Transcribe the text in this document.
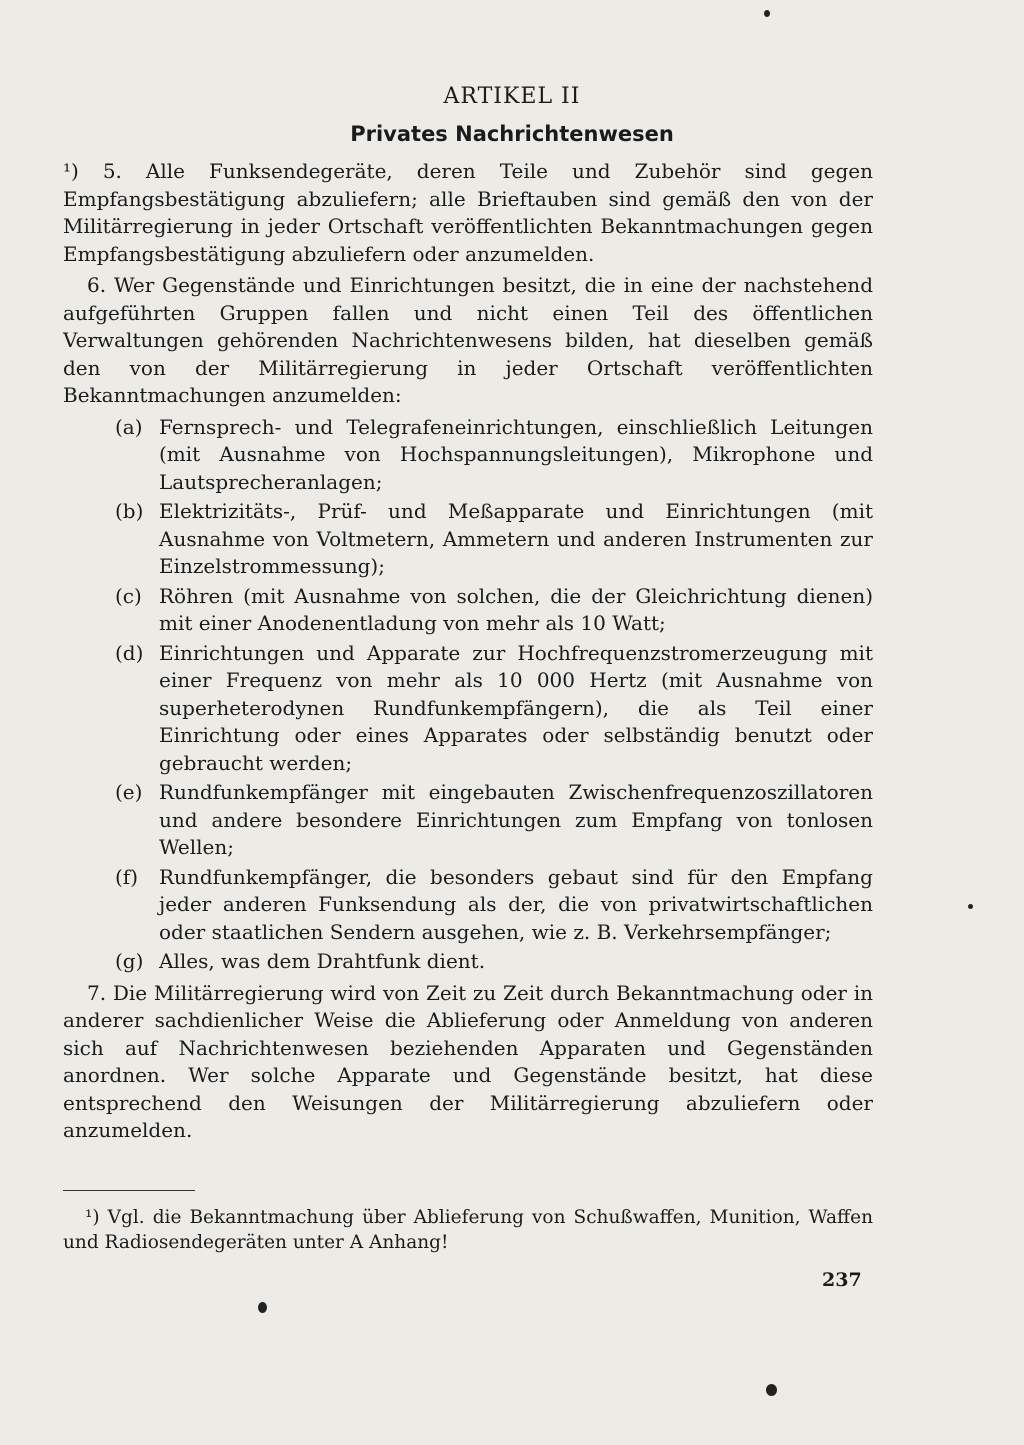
ARTIKEL II
Privates Nachrichtenwesen

¹) 5. Alle Funksendegeräte, deren Teile und Zubehör sind gegen Empfangsbestätigung abzuliefern; alle Brieftauben sind gemäß den von der Militärregierung in jeder Ortschaft veröffentlichten Bekanntmachungen gegen Empfangsbestätigung abzuliefern oder anzumelden.

6. Wer Gegenstände und Einrichtungen besitzt, die in eine der nachstehend aufgeführten Gruppen fallen und nicht einen Teil des öffentlichen Verwaltungen gehörenden Nachrichtenwesens bilden, hat dieselben gemäß den von der Militärregierung in jeder Ortschaft veröffentlichten Bekanntmachungen anzumelden:

(a) Fernsprech- und Telegrafeneinrichtungen, einschließlich Leitungen (mit Ausnahme von Hochspannungsleitungen), Mikrophone und Lautsprecheranlagen;
(b) Elektrizitäts-, Prüf- und Meßapparate und Einrichtungen (mit Ausnahme von Voltmetern, Ammetern und anderen Instrumenten zur Einzelstrommessung);
(c) Röhren (mit Ausnahme von solchen, die der Gleichrichtung dienen) mit einer Anodenentladung von mehr als 10 Watt;
(d) Einrichtungen und Apparate zur Hochfrequenzstromerzeugung mit einer Frequenz von mehr als 10 000 Hertz (mit Ausnahme von superheterodynen Rundfunkempfängern), die als Teil einer Einrichtung oder eines Apparates oder selbständig benutzt oder gebraucht werden;
(e) Rundfunkempfänger mit eingebauten Zwischenfrequenzoszillatoren und andere besondere Einrichtungen zum Empfang von tonlosen Wellen;
(f) Rundfunkempfänger, die besonders gebaut sind für den Empfang jeder anderen Funksendung als der, die von privatwirtschaftlichen oder staatlichen Sendern ausgehen, wie z. B. Verkehrsempfänger;
(g) Alles, was dem Drahtfunk dient.

7. Die Militärregierung wird von Zeit zu Zeit durch Bekanntmachung oder in anderer sachdienlicher Weise die Ablieferung oder Anmeldung von anderen sich auf Nachrichtenwesen beziehenden Apparaten und Gegenständen anordnen. Wer solche Apparate und Gegenstände besitzt, hat diese entsprechend den Weisungen der Militärregierung abzuliefern oder anzumelden.

¹) Vgl. die Bekanntmachung über Ablieferung von Schußwaffen, Munition, Waffen und Radiosendegeräten unter A Anhang!
237
